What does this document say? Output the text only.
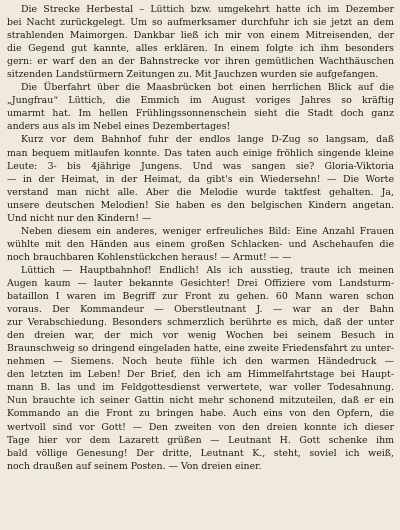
Die Strecke Herbestal – Lüttich bzw. umgekehrt hatte ich im Dezember
bei Nacht zurückgelegt. Um so aufmerksamer durchfuhr ich sie jetzt an dem
strahlenden Maimorgen. Dankbar ließ ich mir von einem Mitreisenden, der
die Gegend gut kannte, alles erklären. In einem folgte ich ihm besonders
gern: er warf den an der Bahnstrecke vor ihren gemütlichen Wachthäuschen
sitzenden Landstürmern Zeitungen zu. Mit Jauchzen wurden sie aufgefangen.
Die Überfahrt über die Maasbrücken bot einen herrlichen Blick auf die
„Jungfrau“ Lüttich, die Emmich im August voriges Jahres so kräftig
umarmt hat. Im hellen Frühlingssonnenschein sieht die Stadt doch ganz
anders aus als im Nebel eines Dezembertages!
Kurz vor dem Bahnhof fuhr der endlos lange D-Zug so langsam, daß
man bequem mitlaufen konnte. Das taten auch einige fröhlich singende kleine
Leute: 3- bis 4jährige Jungens. Und was sangen sie? Gloria-Viktoria
— in der Heimat, in der Heimat, da gibt's ein Wiedersehn! — Die Worte
verstand man nicht alle. Aber die Melodie wurde taktfest gehalten. Ja,
unsere deutschen Melodien! Sie haben es den belgischen Kindern angetan.
Und nicht nur den Kindern! —
Neben diesem ein anderes, weniger erfreuliches Bild: Eine Anzahl Frauen
wühlte mit den Händen aus einem großen Schlacken- und Aschehaufen die
noch brauchbaren Kohlenstückchen heraus! — Armut! — —
Lüttich — Hauptbahnhof! Endlich! Als ich ausstieg, traute ich meinen
Augen kaum — lauter bekannte Gesichter! Drei Offiziere vom Landsturm-
bataillon I waren im Begriff zur Front zu gehen. 60 Mann waren schon
voraus. Der Kommandeur — Oberstleutnant J. — war an der Bahn
zur Verabschiedung. Besonders schmerzlich berührte es mich, daß der unter
den dreien war, der mich vor wenig Wochen bei seinem Besuch in
Braunschweig so dringend eingeladen hatte, eine zweite Friedensfahrt zu unter-
nehmen — Siemens. Noch heute fühle ich den warmen Händedruck —
den letzten im Leben! Der Brief, den ich am Himmelfahrtstage bei Haupt-
mann B. las und im Feldgottesdienst verwertete, war voller Todesahnung.
Nun brauchte ich seiner Gattin nicht mehr schonend mitzuteilen, daß er ein
Kommando an die Front zu bringen habe. Auch eins von den Opfern, die
wertvoll sind vor Gott! — Den zweiten von den dreien konnte ich dieser
Tage hier vor dem Lazarett grüßen — Leutnant H. Gott schenke ihm
bald völlige Genesung! Der dritte, Leutnant K., steht, soviel ich weiß,
noch draußen auf seinem Posten. — Von dreien einer.
